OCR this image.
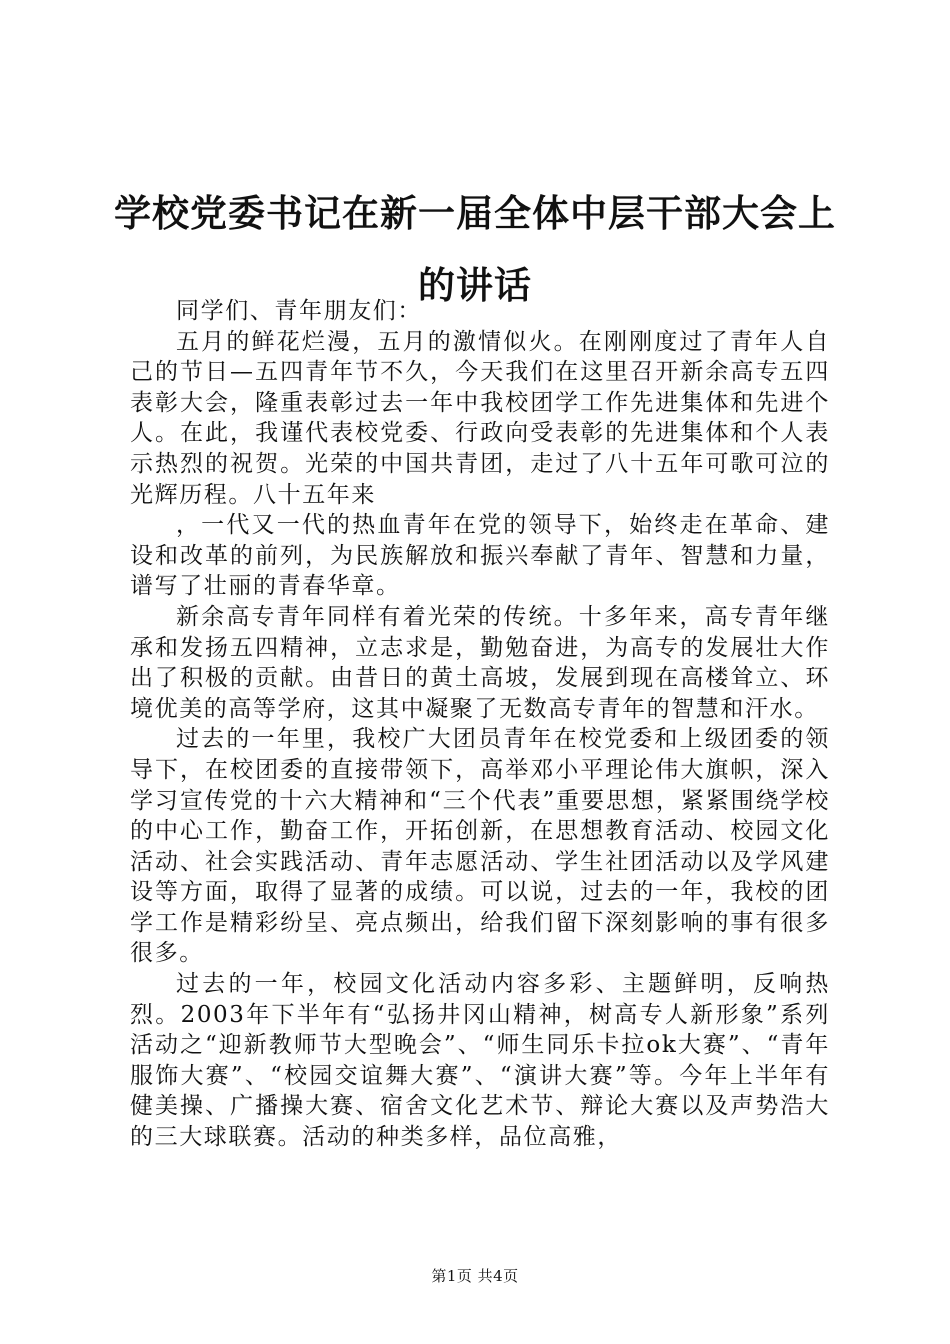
学校党委书记在新一届全体中层干部大会上的讲话

同学们、青年朋友们：

五月的鲜花烂漫，五月的激情似火。在刚刚度过了青年人自己的节日—五四青年节不久，今天我们在这里召开新余高专五四表彰大会，隆重表彰过去一年中我校团学工作先进集体和先进个人。在此，我谨代表校党委、行政向受表彰的先进集体和个人表示热烈的祝贺。光荣的中国共青团，走过了八十五年可歌可泣的光辉历程。八十五年来

，一代又一代的热血青年在党的领导下，始终走在革命、建设和改革的前列，为民族解放和振兴奉献了青年、智慧和力量，谱写了壮丽的青春华章。

新余高专青年同样有着光荣的传统。十多年来，高专青年继承和发扬五四精神，立志求是，勤勉奋进，为高专的发展壮大作出了积极的贡献。由昔日的黄土高坡，发展到现在高楼耸立、环境优美的高等学府，这其中凝聚了无数高专青年的智慧和汗水。

过去的一年里，我校广大团员青年在校党委和上级团委的领导下，在校团委的直接带领下，高举邓小平理论伟大旗帜，深入学习宣传党的十六大精神和“三个代表”重要思想，紧紧围绕学校的中心工作，勤奋工作，开拓创新，在思想教育活动、校园文化活动、社会实践活动、青年志愿活动、学生社团活动以及学风建设等方面，取得了显著的成绩。可以说，过去的一年，我校的团学工作是精彩纷呈、亮点频出，给我们留下深刻影响的事有很多很多。

过去的一年，校园文化活动内容多彩、主题鲜明，反响热烈。2003年下半年有“弘扬井冈山精神，树高专人新形象”系列活动之“迎新教师节大型晚会”、“师生同乐卡拉ok大赛”、“青年服饰大赛”、“校园交谊舞大赛”、“演讲大赛”等。今年上半年有健美操、广播操大赛、宿舍文化艺术节、辩论大赛以及声势浩大的三大球联赛。活动的种类多样，品位高雅，

第1页 共4页
